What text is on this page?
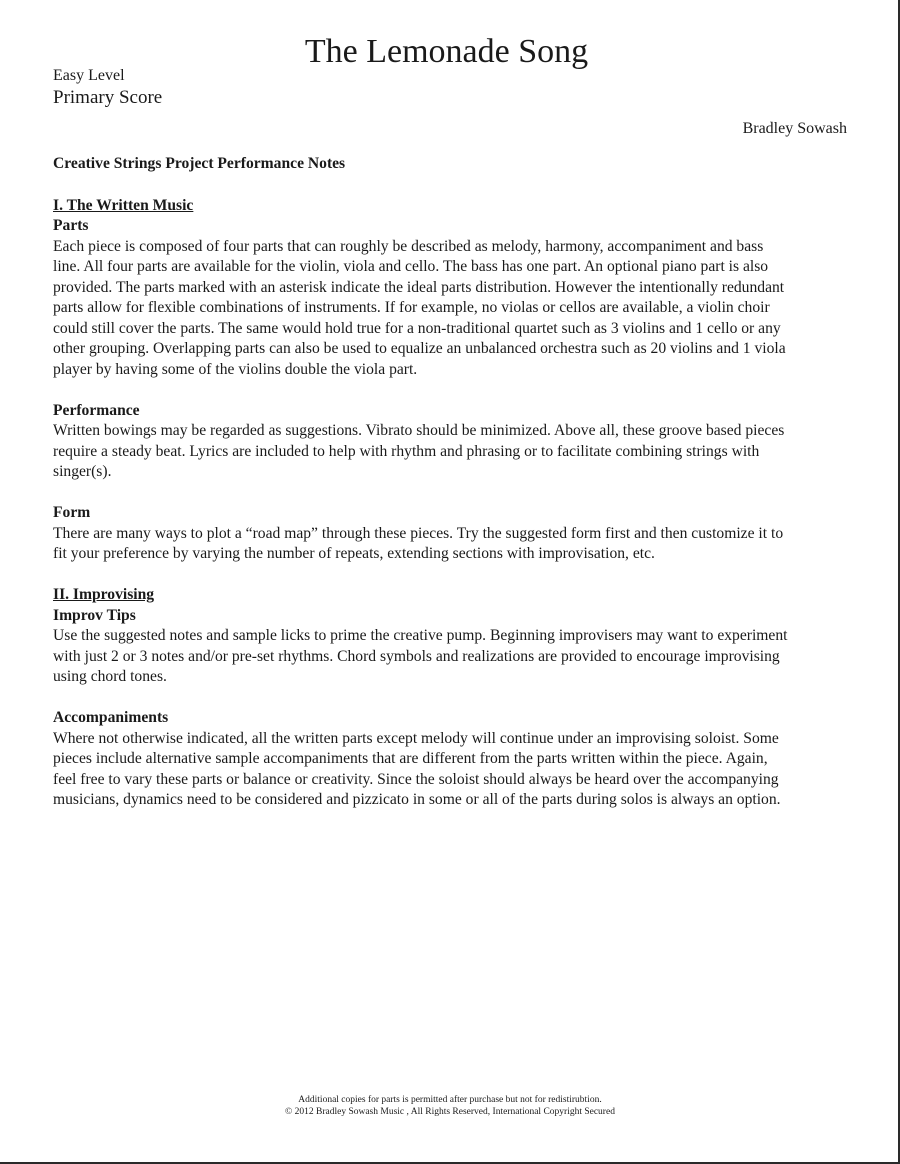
The Lemonade Song
Easy Level
Primary Score
Bradley Sowash

Creative Strings Project Performance Notes

I. The Written Music

Parts

Each piece is composed of four parts that can roughly be described as melody, harmony, accompaniment and bass line. All four parts are available for the violin, viola and cello. The bass has one part. An optional piano part is also provided. The parts marked with an asterisk indicate the ideal parts distribution. However the intentionally redundant parts allow for flexible combinations of instruments. If for example, no violas or cellos are available, a violin choir could still cover the parts. The same would hold true for a non-traditional quartet such as 3 violins and 1 cello or any other grouping. Overlapping parts can also be used to equalize an unbalanced orchestra such as 20 violins and 1 viola player by having some of the violins double the viola part.

Performance

Written bowings may be regarded as suggestions. Vibrato should be minimized. Above all, these groove based pieces require a steady beat. Lyrics are included to help with rhythm and phrasing or to facilitate combining strings with singer(s).

Form

There are many ways to plot a “road map” through these pieces. Try the suggested form first and then customize it to fit your preference by varying the number of repeats, extending sections with improvisation, etc.

II. Improvising

Improv Tips

Use the suggested notes and sample licks to prime the creative pump. Beginning improvisers may want to experiment with just 2 or 3 notes and/or pre-set rhythms. Chord symbols and realizations are provided to encourage improvising using chord tones.

Accompaniments

Where not otherwise indicated, all the written parts except melody will continue under an improvising soloist. Some pieces include alternative sample accompaniments that are different from the parts written within the piece. Again, feel free to vary these parts or balance or creativity. Since the soloist should always be heard over the accompanying musicians, dynamics need to be considered and pizzicato in some or all of the parts during solos is always an option.

Additional copies for parts is permitted after purchase but not for redistirubtion.
© 2012 Bradley Sowash Music , All Rights Reserved, International Copyright Secured
